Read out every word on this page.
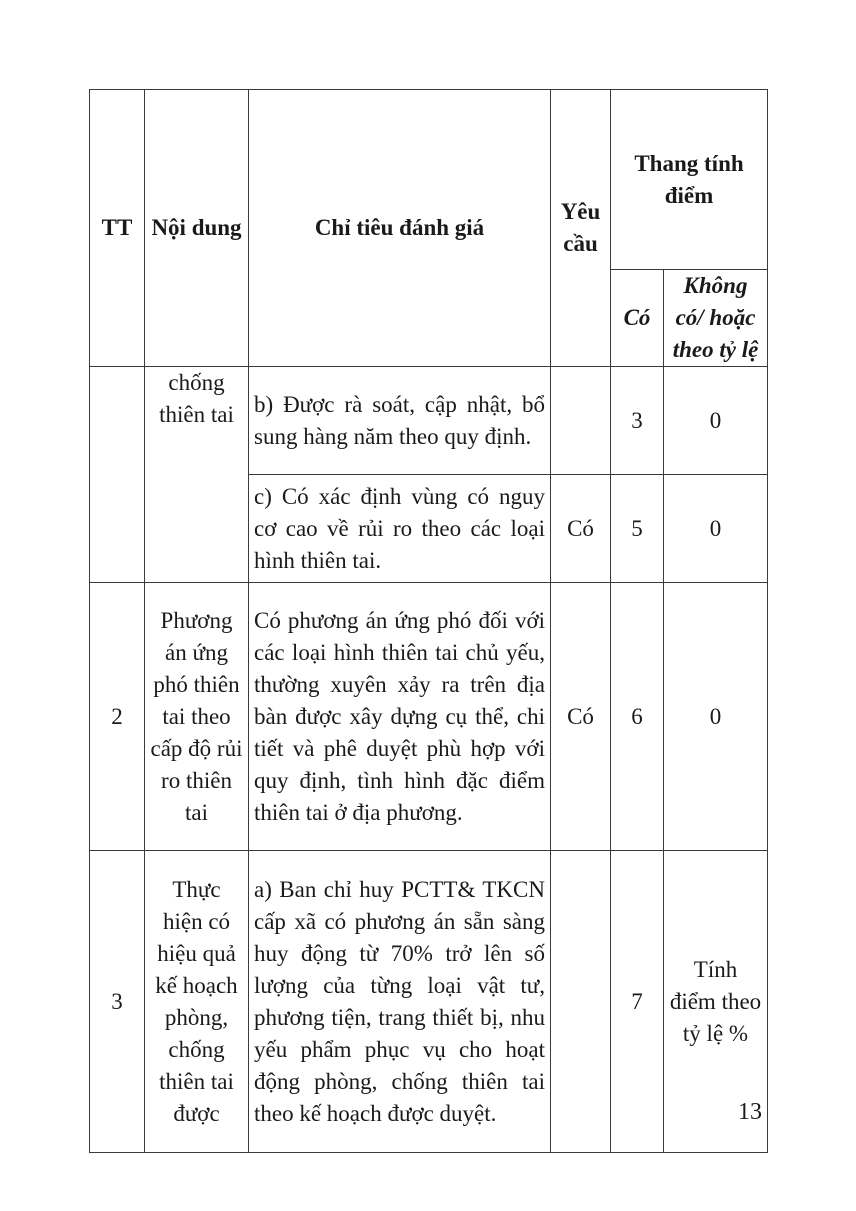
TT	Nội dung	Chỉ tiêu đánh giá	Yêu cầu	Thang tính điểm	
				Có	Không có/ hoặc theo tỷ lệ
	chống thiên tai	b) Được rà soát, cập nhật, bổ sung hàng năm theo quy định.		3	0
		c) Có xác định vùng có nguy cơ cao về rủi ro theo các loại hình thiên tai.	Có	5	0
2	Phương án ứng phó thiên tai theo cấp độ rủi ro thiên tai	Có phương án ứng phó đối với các loại hình thiên tai chủ yếu, thường xuyên xảy ra trên địa bàn được xây dựng cụ thể, chi tiết và phê duyệt phù hợp với quy định, tình hình đặc điểm thiên tai ở địa phương.	Có	6	0
3	Thực hiện có hiệu quả kế hoạch phòng, chống thiên tai được	a) Ban chỉ huy PCTT& TKCN cấp xã có phương án sẵn sàng huy động từ 70% trở lên số lượng của từng loại vật tư, phương tiện, trang thiết bị, nhu yếu phẩm phục vụ cho hoạt động phòng, chống thiên tai theo kế hoạch được duyệt.		7	Tính điểm theo tỷ lệ %
13
